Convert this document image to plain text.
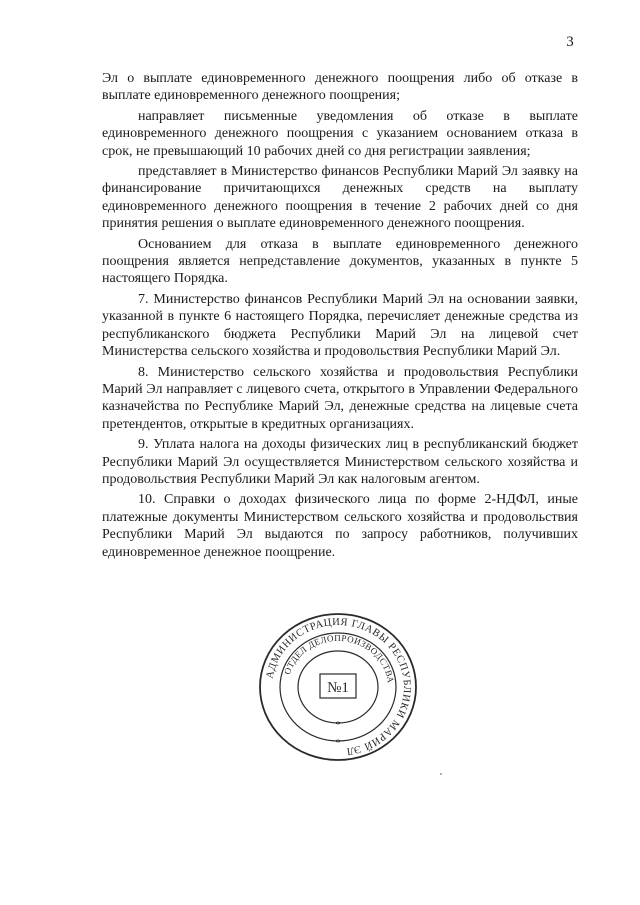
3

Эл о выплате единовременного денежного поощрения либо об отказе в выплате единовременного денежного поощрения;

направляет письменные уведомления об отказе в выплате единовременного денежного поощрения с указанием основанием отказа в срок, не превышающий 10 рабочих дней со дня регистрации заявления;

представляет в Министерство финансов Республики Марий Эл заявку на финансирование причитающихся денежных средств на выплату единовременного денежного поощрения в течение 2 рабочих дней со дня принятия решения о выплате единовременного денежного поощрения.

Основанием для отказа в выплате единовременного денежного поощрения является непредставление документов, указанных в пункте 5 настоящего Порядка.

7. Министерство финансов Республики Марий Эл на основании заявки, указанной в пункте 6 настоящего Порядка, перечисляет денежные средства из республиканского бюджета Республики Марий Эл на лицевой счет Министерства сельского хозяйства и продовольствия Республики Марий Эл.

8. Министерство сельского хозяйства и продовольствия Республики Марий Эл направляет с лицевого счета, открытого в Управлении Федерального казначейства по Республике Марий Эл, денежные средства на лицевые счета претендентов, открытые в кредитных организациях.

9. Уплата налога на доходы физических лиц в республиканский бюджет Республики Марий Эл осуществляется Министерством сельского хозяйства и продовольствия Республики Марий Эл как налоговым агентом.

10. Справки о доходах физического лица по форме 2-НДФЛ, иные платежные документы Министерством сельского хозяйства и продовольствия Республики Марий Эл выдаются по запросу работников, получивших единовременное денежное поощрение.

АДМИНИСТРАЦИЯ ГЛАВЫ РЕСПУБЛИКИ МАРИЙ ЭЛ
ОТДЕЛ ДЕЛОПРОИЗВОДСТВА
№1
*
*
